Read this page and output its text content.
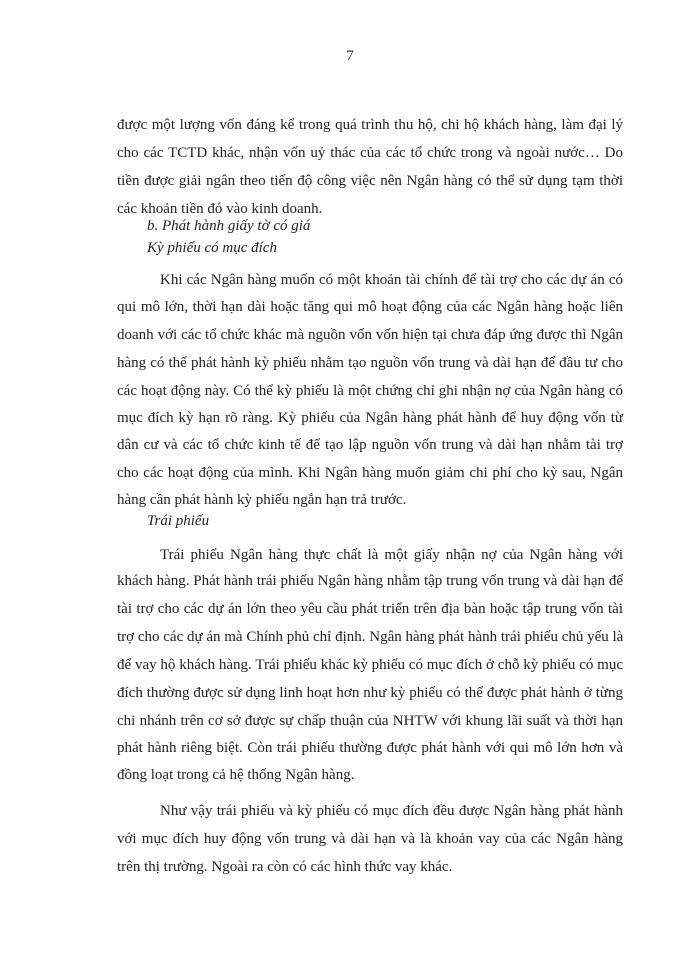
7
được một lượng vốn đáng kể trong quá trình thu hộ, chi hộ khách hàng, làm đại lý
cho các TCTD khác, nhận vốn uỷ thác của các tổ chức trong và ngoài nước… Do
tiền được giải ngân theo tiến độ công việc nên Ngân hàng có thể sử dụng tạm thời
các khoản tiền đó vào kinh doanh.
b. Phát hành giấy tờ có giá
Kỳ phiếu có mục đích
Khi các Ngân hàng muốn có một khoản tài chính để tài trợ cho các dự án có
qui mô lớn, thời hạn dài hoặc tăng qui mô hoạt động của các Ngân hàng hoặc liên
doanh với các tổ chức khác mà nguồn vốn vốn hiện tại chưa đáp ứng được thì Ngân
hàng có thể phát hành kỳ phiếu nhằm tạo nguồn vốn trung và dài hạn để đầu tư cho
các hoạt động này. Có thể kỳ phiếu là một chứng chỉ ghi nhận nợ của Ngân hàng có
mục đích kỳ hạn rõ ràng. Kỳ phiếu của Ngân hàng phát hành để huy động vốn từ
dân cư và các tổ chức kinh tế để tạo lập nguồn vốn trung và dài hạn nhằm tài trợ
cho các hoạt động của mình. Khi Ngân hàng muốn giảm chi phí cho kỳ sau, Ngân
hàng cần phát hành kỳ phiếu ngắn hạn trả trước.
Trái phiếu
Trái phiếu Ngân hàng thực chất là một giấy nhận nợ của Ngân hàng với
khách hàng. Phát hành trái phiếu Ngân hàng nhằm tập trung vốn trung và dài hạn để
tài trợ cho các dự án lớn theo yêu cầu phát triển trên địa bàn hoặc tập trung vốn tài
trợ cho các dự án mà Chính phủ chỉ định. Ngân hàng phát hành trái phiếu chủ yếu là
để vay hộ khách hàng. Trái phiếu khác kỳ phiếu có mục đích ở chỗ kỳ phiếu có mục
đích thường được sử dụng linh hoạt hơn như kỳ phiếu có thể được phát hành ở từng
chi nhánh trên cơ sở được sự chấp thuận của NHTW với khung lãi suất và thời hạn
phát hành riêng biệt. Còn trái phiếu thường được phát hành với qui mô lớn hơn và
đồng loạt trong cả hệ thống Ngân hàng.
Như vậy trái phiếu và kỳ phiếu có mục đích đều được Ngân hàng phát hành
với mục đích huy động vốn trung và dài hạn và là khoản vay của các Ngân hàng
trên thị trường. Ngoài ra còn có các hình thức vay khác.
